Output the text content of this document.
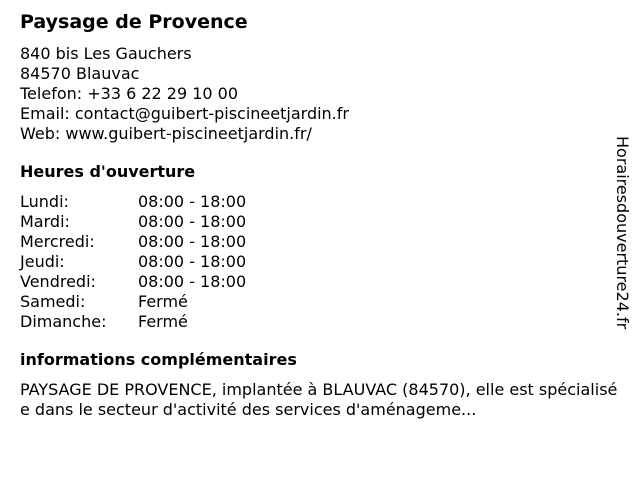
Paysage de Provence
840 bis Les Gauchers
84570 Blauvac
Telefon: +33 6 22 29 10 00
Email: contact@guibert-piscineetjardin.fr
Web: www.guibert-piscineetjardin.fr/
Heures d'ouverture
Lundi:	08:00 - 18:00
Mardi:	08:00 - 18:00
Mercredi:	08:00 - 18:00
Jeudi:	08:00 - 18:00
Vendredi:	08:00 - 18:00
Samedi:	Fermé
Dimanche:	Fermé
informations complémentaires
PAYSAGE DE PROVENCE, implantée à BLAUVAC (84570), elle est spécialisée dans le secteur d'activité des services d'aménageme...
Horairesdouverture24.fr
